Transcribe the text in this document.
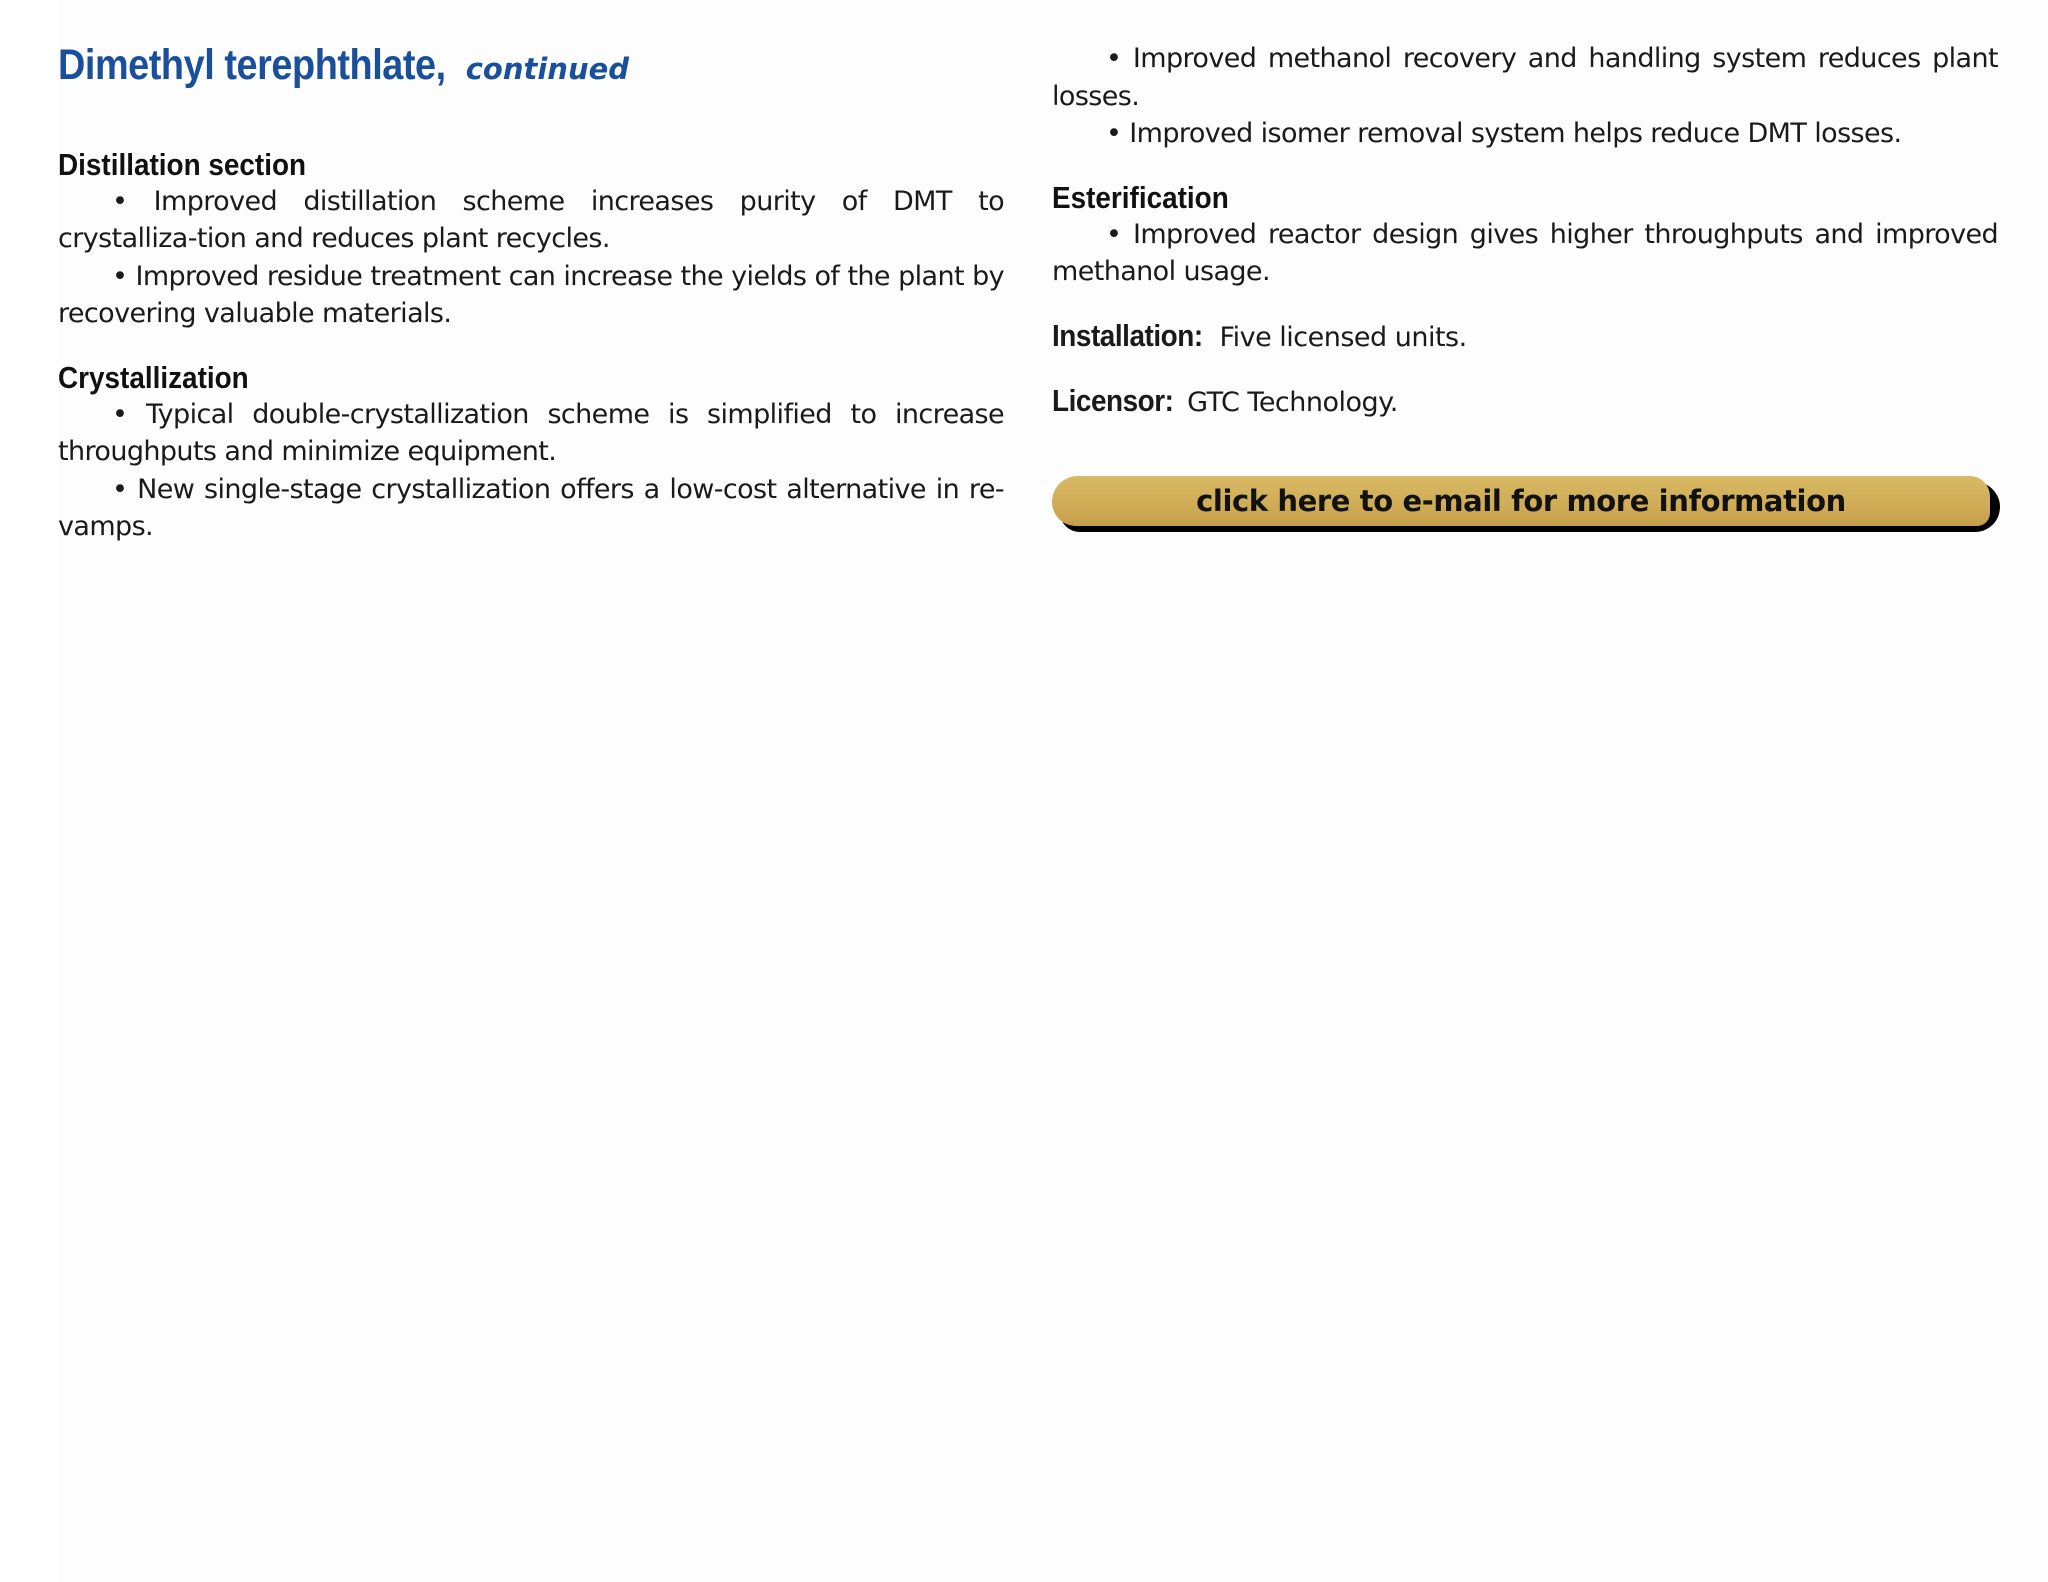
Dimethyl terephthlate, continued
Distillation section

• Improved distillation scheme increases purity of DMT to crystalliza-tion and reduces plant recycles.

• Improved residue treatment can increase the yields of the plant by recovering valuable materials.

Crystallization

• Typical double-crystallization scheme is simplified to increase throughputs and minimize equipment.

• New single-stage crystallization offers a low-cost alternative in re-vamps.

• Improved methanol recovery and handling system reduces plant losses.

• Improved isomer removal system helps reduce DMT losses.

Esterification

• Improved reactor design gives higher throughputs and improved methanol usage.

Installation: Five licensed units.

Licensor: GTC Technology.

click here to e-mail for more information
